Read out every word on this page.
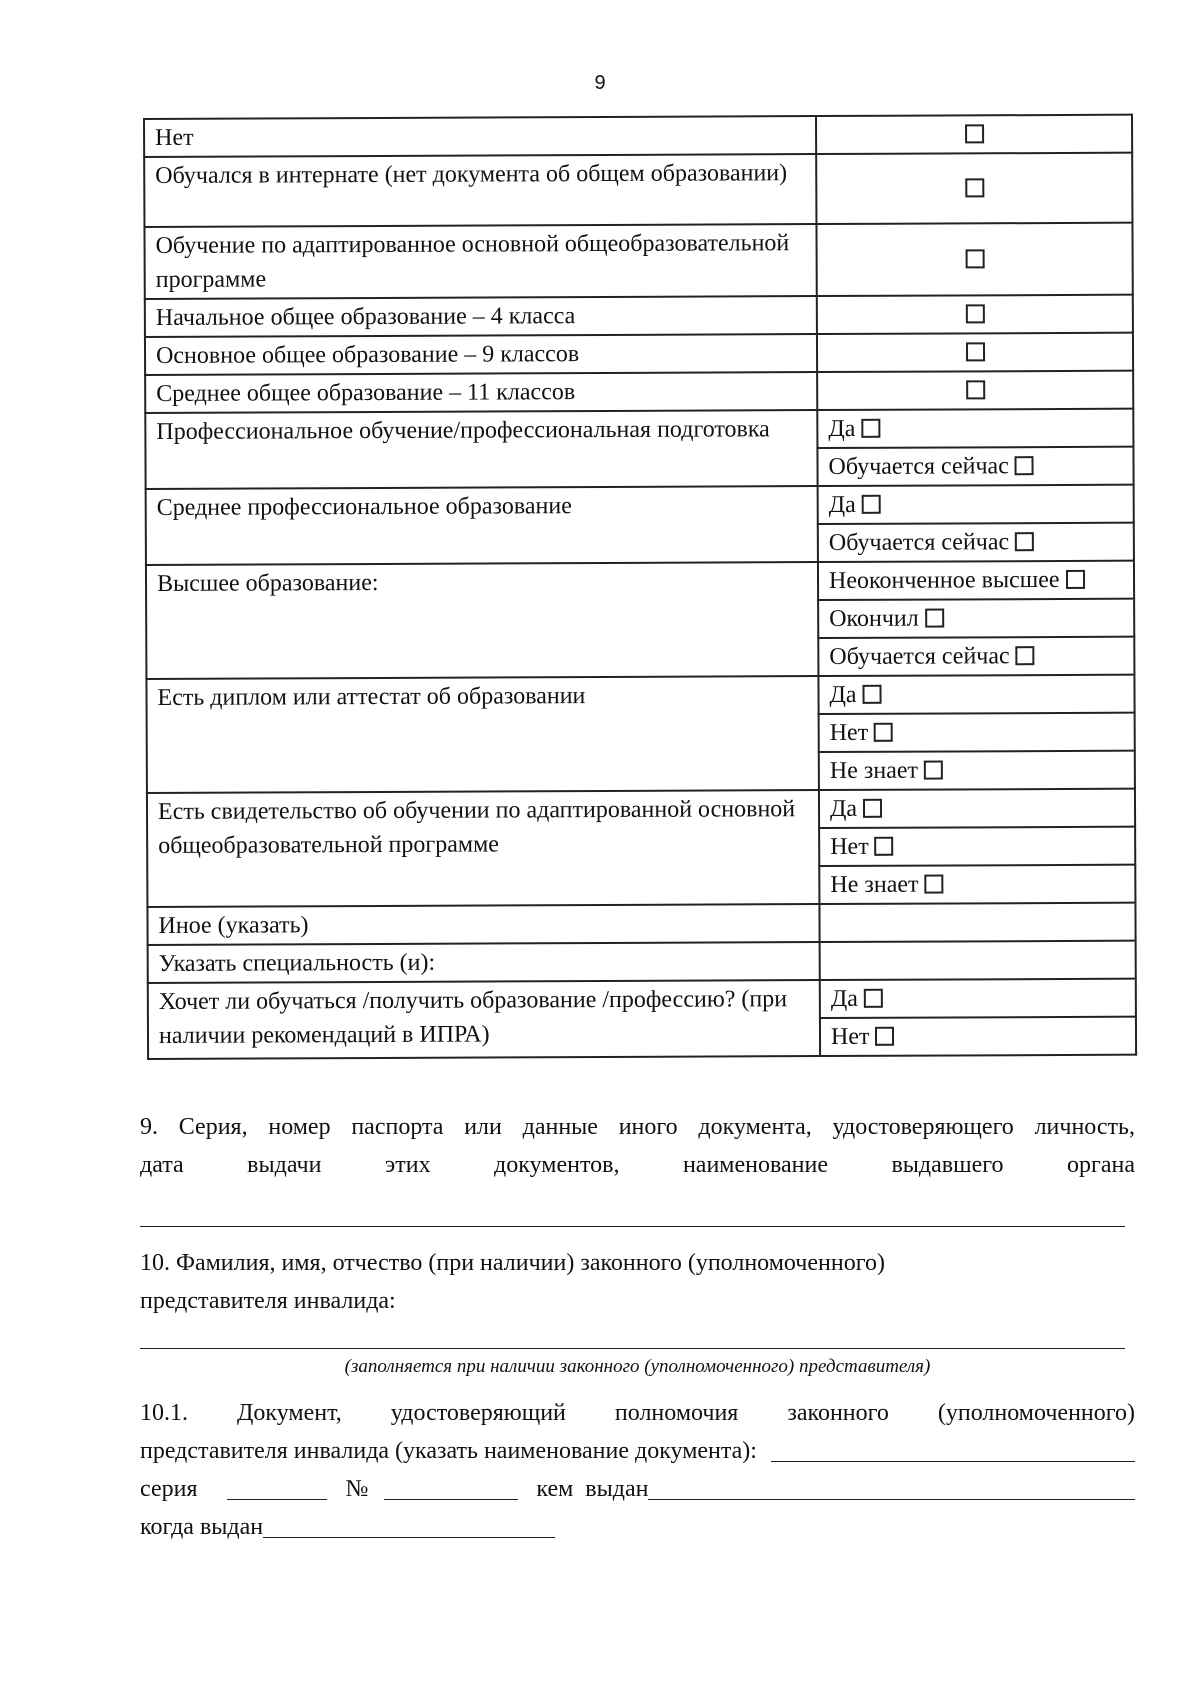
9
Нет	
Обучался в интернате (нет документа об общем образовании)	
Обучение по адаптированное основной общеобразовательной программе	
Начальное общее образование – 4 класса	
Основное общее образование – 9 классов	
Среднее общее образование – 11 классов	
Профессиональное обучение/профессиональная подготовка	Да
	Обучается сейчас
Среднее профессиональное образование	Да
	Обучается сейчас
Высшее образование:	Неоконченное высшее
	Окончил
	Обучается сейчас
Есть диплом или аттестат об образовании	Да
	Нет
	Не знает
Есть свидетельство об обучении по адаптированной основной общеобразовательной программе	Да
	Нет
	Не знает
Иное (указать)	
Указать специальность (и):	
Хочет ли обучаться /получить образование /профессию? (при наличии рекомендаций в ИПРА)	Да
	Нет
9. Серия, номер паспорта или данные иного документа, удостоверяющего личность,
дата выдачи этих документов, наименование выдавшего органа
10. Фамилия, имя, отчество (при наличии) законного (уполномоченного)
представителя инвалида:
(заполняется при наличии законного (уполномоченного) представителя)
10.1. Документ, удостоверяющий полномочия законного (уполномоченного)
представителя инвалида (указать наименование документа):
серия	№	кем выдан
когда выдан
